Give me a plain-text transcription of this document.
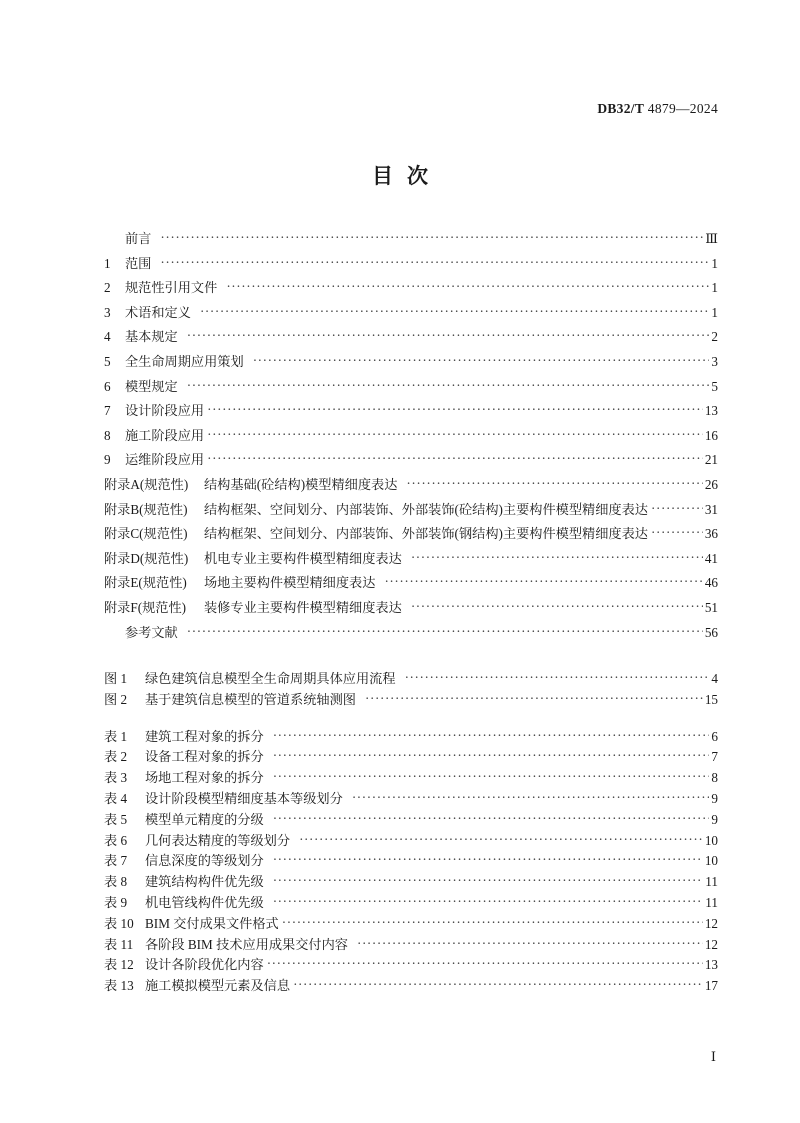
DB32/T 4879—2024
目次
前言 ·····	Ⅲ
1	范围 ·····	1
2	规范性引用文件 ·····	1
3	术语和定义 ·····	1
4	基本规定 ·····	2
5	全生命周期应用策划 ·····	3
6	模型规定 ·····	5
7	设计阶段应用 ·····	13
8	施工阶段应用 ·····	16
9	运维阶段应用 ·····	21
附录A(规范性)	结构基础(砼结构)模型精细度表达 ·····	26
附录B(规范性)	结构框架、空间划分、内部装饰、外部装饰(砼结构)主要构件模型精细度表达 ·····	31
附录C(规范性)	结构框架、空间划分、内部装饰、外部装饰(钢结构)主要构件模型精细度表达 ·····	36
附录D(规范性)	机电专业主要构件模型精细度表达 ·····	41
附录E(规范性)	场地主要构件模型精细度表达 ·····	46
附录F(规范性)	装修专业主要构件模型精细度表达 ·····	51
参考文献 ·····	56
图 1	绿色建筑信息模型全生命周期具体应用流程 ·····	4
图 2	基于建筑信息模型的管道系统轴测图 ·····	15
表 1	建筑工程对象的拆分 ·····	6
表 2	设备工程对象的拆分 ·····	7
表 3	场地工程对象的拆分 ·····	8
表 4	设计阶段模型精细度基本等级划分 ·····	9
表 5	模型单元精度的分级 ·····	9
表 6	几何表达精度的等级划分 ·····	10
表 7	信息深度的等级划分 ·····	10
表 8	建筑结构构件优先级 ·····	11
表 9	机电管线构件优先级 ·····	11
表 10 BIM 交付成果文件格式 ·····	12
表 11 各阶段 BIM 技术应用成果交付内容 ·····	12
表 12 设计各阶段优化内容 ·····	13
表 13 施工模拟模型元素及信息 ·····	17
Ⅰ
